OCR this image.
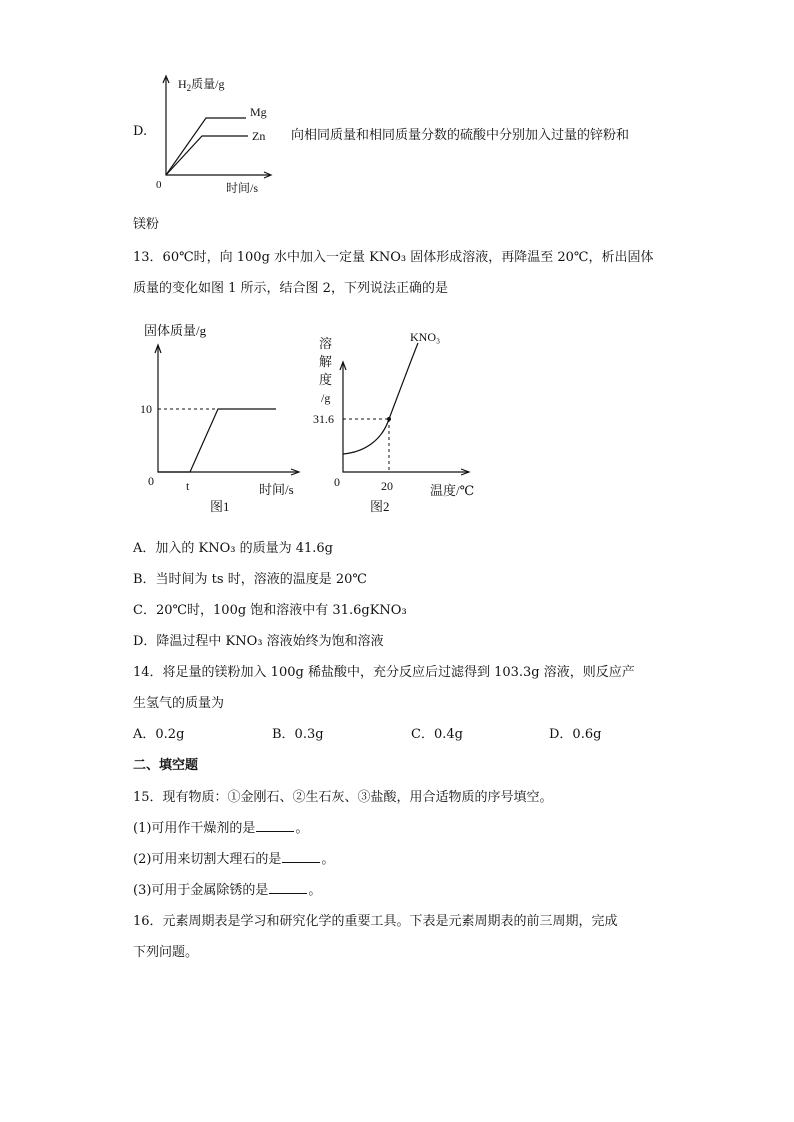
D.
$H_2$质量/g
Mg
Zn
0	时间/s
向相同质量和相同质量分数的硫酸中分别加入过量的锌粉和
镁粉
13．60℃时，向 100g 水中加入一定量 KNO₃ 固体形成溶液，再降温至 20℃，析出固体
质量的变化如图 1 所示，结合图 2，下列说法正确的是
固体质量/g
10
0	t	时间/s
图1
溶
解
度
/g
KNO₃
31.6
0	20	温度/℃
图2
A．加入的 KNO₃ 的质量为 41.6g
B．当时间为 ts 时，溶液的温度是 20℃
C．20℃时，100g 饱和溶液中有 31.6gKNO₃
D．降温过程中 KNO₃ 溶液始终为饱和溶液
14．将足量的镁粉加入 100g 稀盐酸中，充分反应后过滤得到 103.3g 溶液，则反应产
生氢气的质量为
A．0.2g	B．0.3g	C．0.4g	D．0.6g
二、填空题
15．现有物质：①金刚石、②生石灰、③盐酸，用合适物质的序号填空。
(1)可用作干燥剂的是	。
(2)可用来切割大理石的是	。
(3)可用于金属除锈的是	。
16．元素周期表是学习和研究化学的重要工具。下表是元素周期表的前三周期，完成
下列问题。
